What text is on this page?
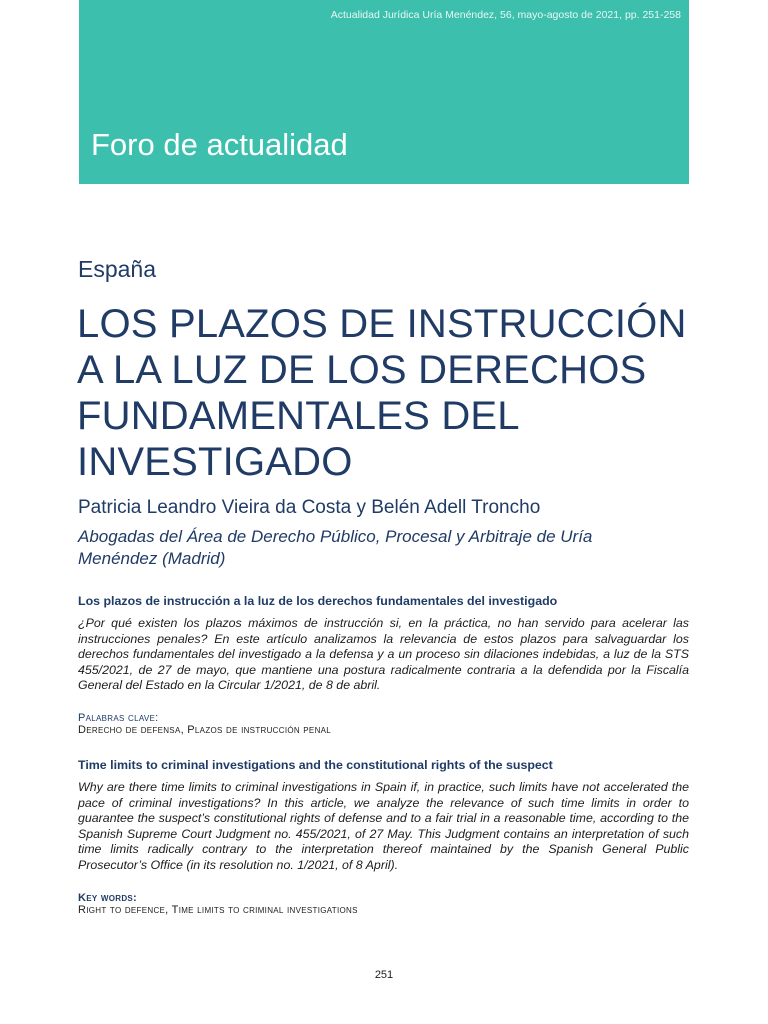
Actualidad Jurídica Uría Menéndez, 56, mayo-agosto de 2021, pp. 251-258
Foro de actualidad
España
LOS PLAZOS DE INSTRUCCIÓN
A LA LUZ DE LOS DERECHOS
FUNDAMENTALES DEL
INVESTIGADO
Patricia Leandro Vieira da Costa y Belén Adell Troncho
Abogadas del Área de Derecho Público, Procesal y Arbitraje de Uría
Menéndez (Madrid)
Los plazos de instrucción a la luz de los derechos fundamentales del investigado
¿Por qué existen los plazos máximos de instrucción si, en la práctica, no han servido para acelerar las instrucciones penales? En este artículo analizamos la relevancia de estos plazos para salvaguardar los derechos fundamentales del investigado a la defensa y a un proceso sin dilaciones indebidas, a luz de la STS 455/2021, de 27 de mayo, que mantiene una postura radicalmente contraria a la defendida por la Fiscalía General del Estado en la Circular 1/2021, de 8 de abril.
Palabras clave:
Derecho de defensa, Plazos de instrucción penal
Time limits to criminal investigations and the constitutional rights of the suspect
Why are there time limits to criminal investigations in Spain if, in practice, such limits have not accelerated the pace of criminal investigations? In this article, we analyze the relevance of such time limits in order to guarantee the suspect’s constitutional rights of defense and to a fair trial in a reasonable time, according to the Spanish Supreme Court Judgment no. 455/2021, of 27 May. This Judgment contains an interpretation of such time limits radically contrary to the interpretation thereof maintained by the Spanish General Public Prosecutor’s Office (in its resolution no. 1/2021, of 8 April).
Key words:
Right to defence, Time limits to criminal investigations
251
